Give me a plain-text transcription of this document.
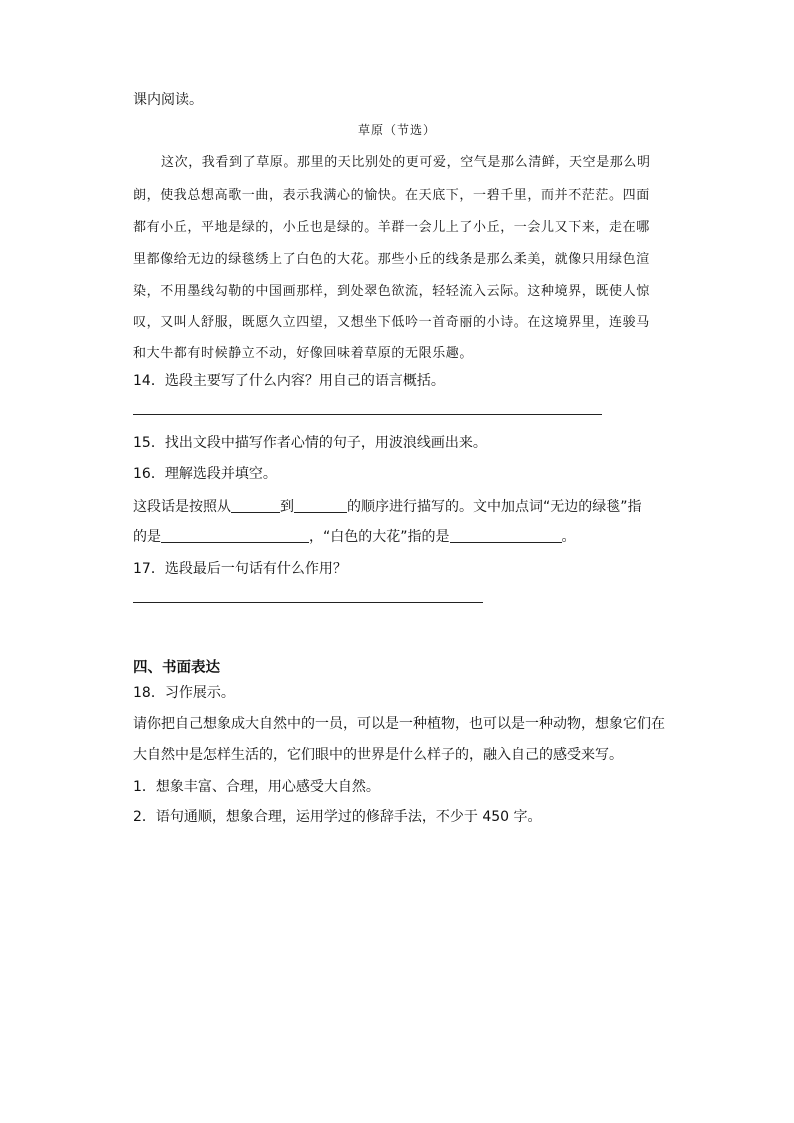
课内阅读。
草原（节选）
这次，我看到了草原。那里的天比别处的更可爱，空气是那么清鲜，天空是那么明
朗，使我总想高歌一曲，表示我满心的愉快。在天底下，一碧千里，而并不茫茫。四面
都有小丘，平地是绿的，小丘也是绿的。羊群一会儿上了小丘，一会儿又下来，走在哪
里都像给无边的绿毯绣上了白色的大花。那些小丘的线条是那么柔美，就像只用绿色渲
染，不用墨线勾勒的中国画那样，到处翠色欲流，轻轻流入云际。这种境界，既使人惊
叹，又叫人舒服，既愿久立四望，又想坐下低吟一首奇丽的小诗。在这境界里，连骏马
和大牛都有时候静立不动，好像回味着草原的无限乐趣。
14．选段主要写了什么内容？用自己的语言概括。
15．找出文段中描写作者心情的句子，用波浪线画出来。
16．理解选段并填空。
这段话是按照从	到	的顺序进行描写的。文中加点词“无边的绿毯”指
的是	，“白色的大花”指的是	。
17．选段最后一句话有什么作用？
四、书面表达
18．习作展示。
请你把自己想象成大自然中的一员，可以是一种植物，也可以是一种动物，想象它们在
大自然中是怎样生活的，它们眼中的世界是什么样子的，融入自己的感受来写。
1．想象丰富、合理，用心感受大自然。
2．语句通顺，想象合理，运用学过的修辞手法，不少于 450 字。
